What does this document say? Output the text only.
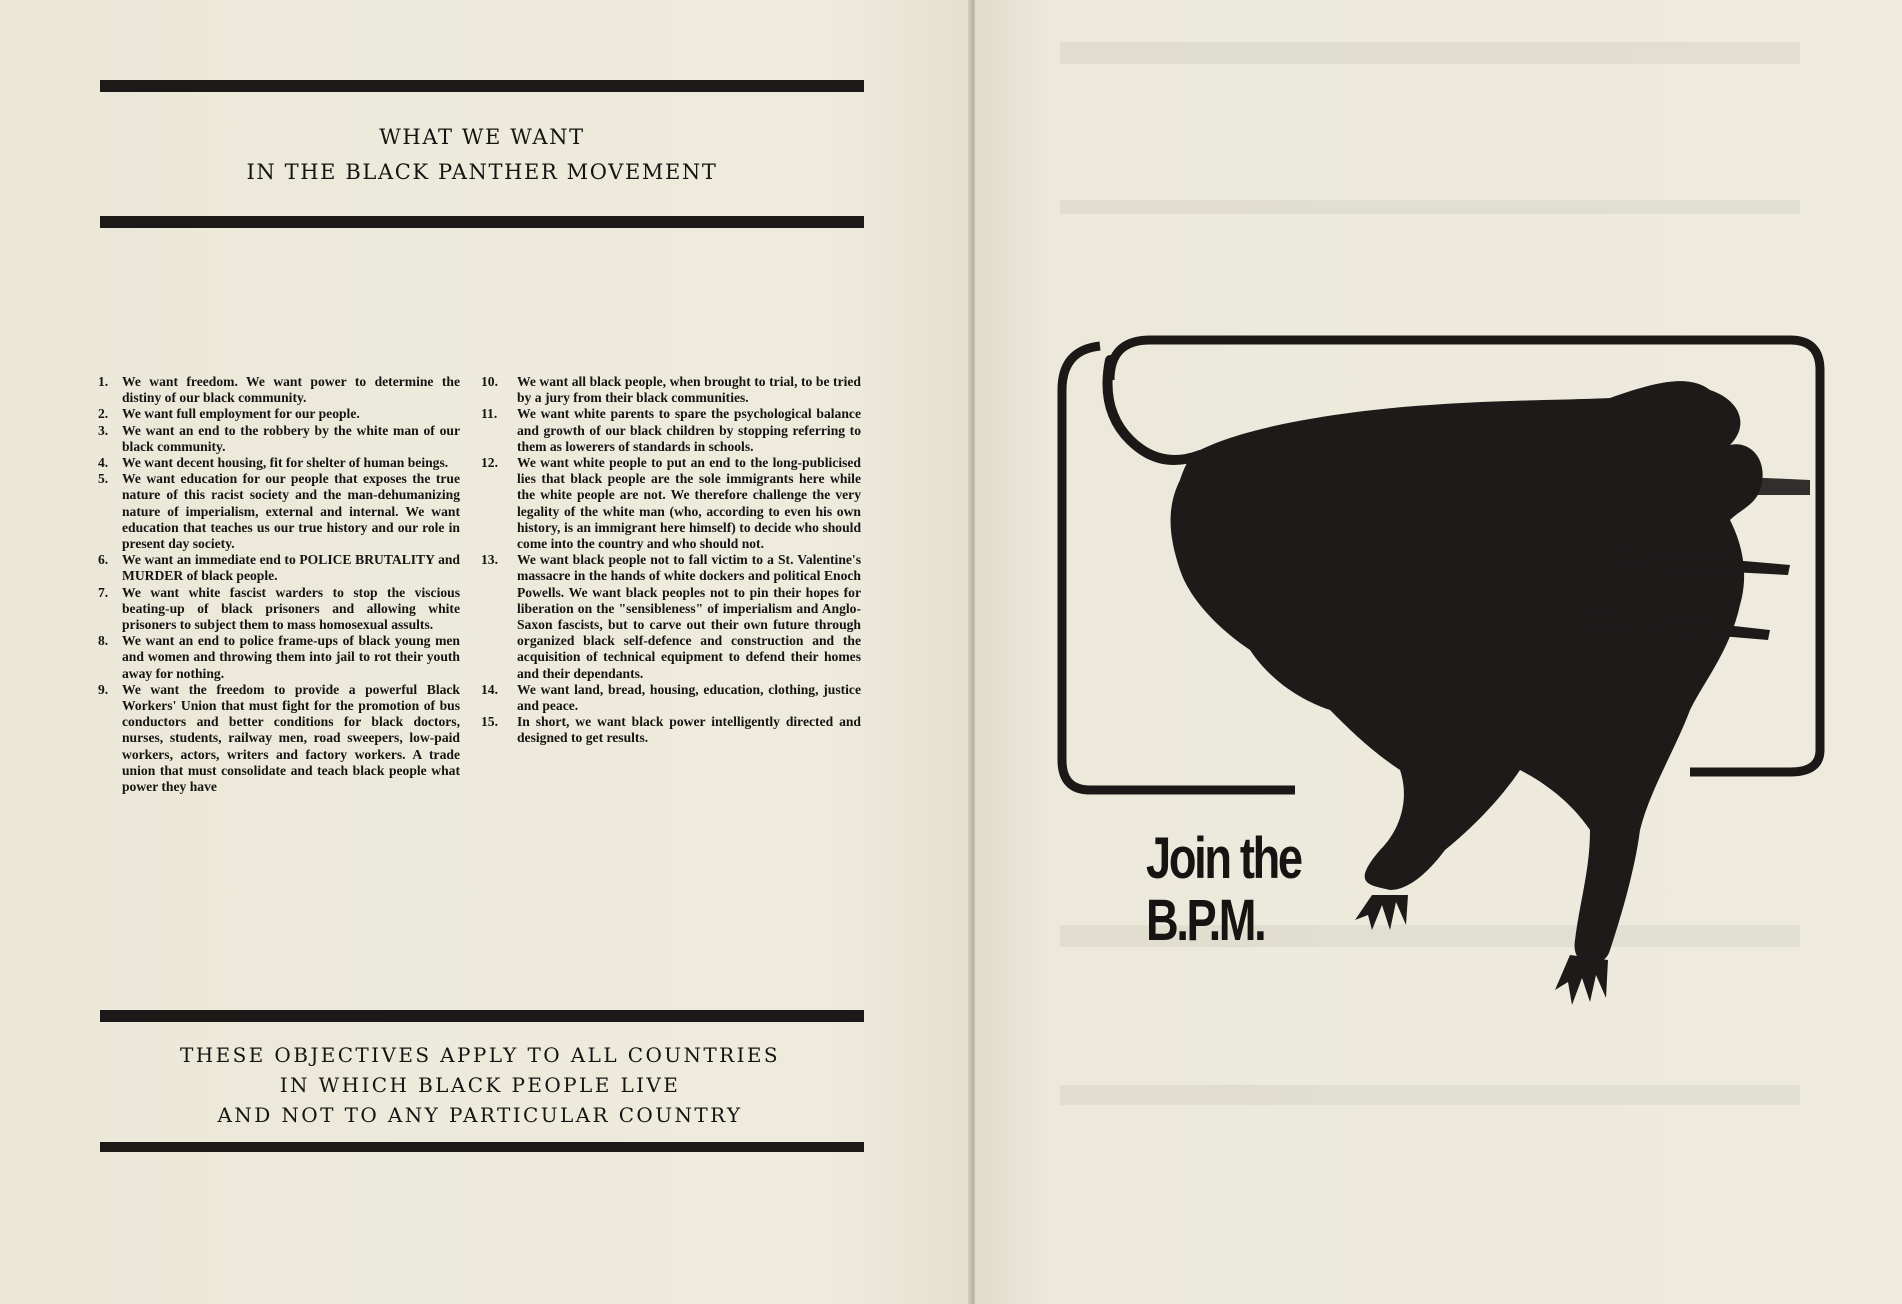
WHAT WE WANT
IN THE BLACK PANTHER MOVEMENT
1.	We want freedom. We want power to determine the distiny of our black community.
2.	We want full employment for our people.
3.	We want an end to the robbery by the white man of our black community.
4.	We want decent housing, fit for shelter of human beings.
5.	We want education for our people that exposes the true nature of this racist society and the man-dehumanizing nature of imperialism, external and internal. We want education that teaches us our true history and our role in present day society.
6.	We want an immediate end to POLICE BRUTALITY and MURDER of black people.
7.	We want white fascist warders to stop the viscious beating-up of black prisoners and allowing white prisoners to subject them to mass homosexual assults.
8.	We want an end to police frame-ups of black young men and women and throwing them into jail to rot their youth away for nothing.
9.	We want the freedom to provide a powerful Black Workers' Union that must fight for the promotion of bus conductors and better conditions for black doctors, nurses, students, railway men, road sweepers, low-paid workers, actors, writers and factory workers. A trade union that must consolidate and teach black people what power they have
10.	We want all black people, when brought to trial, to be tried by a jury from their black communities.
11.	We want white parents to spare the psychological balance and growth of our black children by stopping referring to them as lowerers of standards in schools.
12.	We want white people to put an end to the long-publicised lies that black people are the sole immigrants here while the white people are not. We therefore challenge the very legality of the white man (who, according to even his own history, is an immigrant here himself) to decide who should come into the country and who should not.
13.	We want black people not to fall victim to a St. Valentine's massacre in the hands of white dockers and political Enoch Powells. We want black peoples not to pin their hopes for liberation on the "sensibleness" of imperialism and Anglo-Saxon fascists, but to carve out their own future through organized black self-defence and construction and the acquisition of technical equipment to defend their homes and their dependants.
14.	We want land, bread, housing, education, clothing, justice and peace.
15.	In short, we want black power intelligently directed and designed to get results.
THESE OBJECTIVES APPLY TO ALL COUNTRIES
IN WHICH BLACK PEOPLE LIVE
AND NOT TO ANY PARTICULAR COUNTRY
Join the
B.P.M.
